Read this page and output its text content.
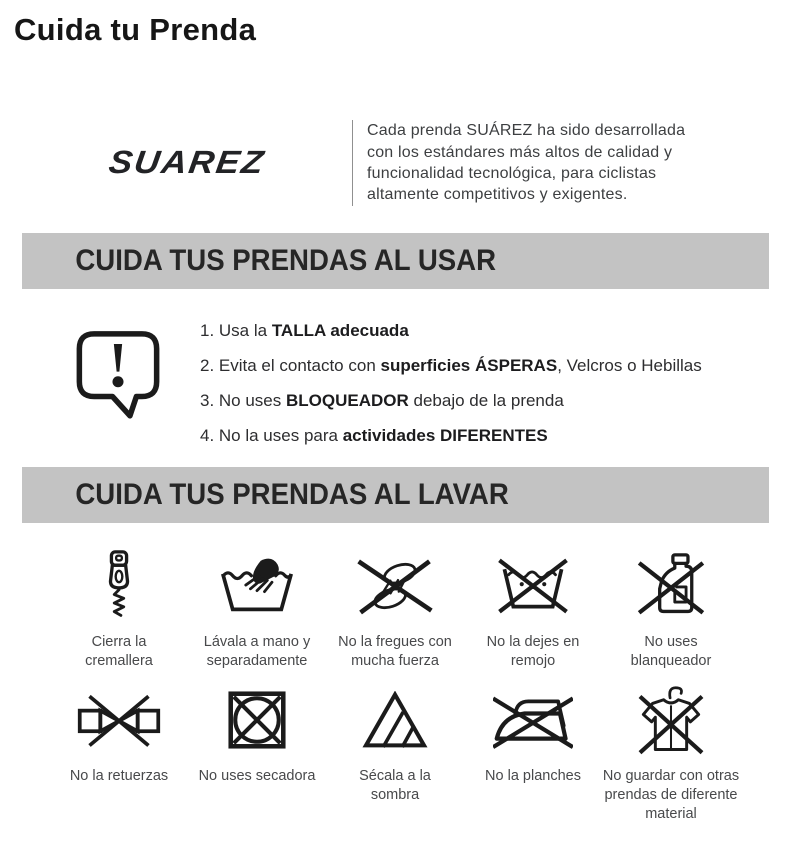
Cuida tu Prenda
SUAREZ

Cada prenda SUÁREZ ha sido desarrollada con los estándares más altos de calidad y funcionalidad tecnológica, para ciclistas altamente competitivos y exigentes.

CUIDA TUS PRENDAS AL USAR
1. Usa la TALLA adecuada
2. Evita el contacto con superficies ÁSPERAS, Velcros o Hebillas
3. No uses BLOQUEADOR debajo de la prenda
4. No la uses para actividades DIFERENTES
CUIDA TUS PRENDAS AL LAVAR
Cierra la cremallera
Lávala a mano y separadamente
No la fregues con mucha fuerza
No la dejes en remojo
No uses blanqueador
No la retuerzas No uses secadora	Sécala a la sombra
No la planches No guardar con otras prendas de diferente material
